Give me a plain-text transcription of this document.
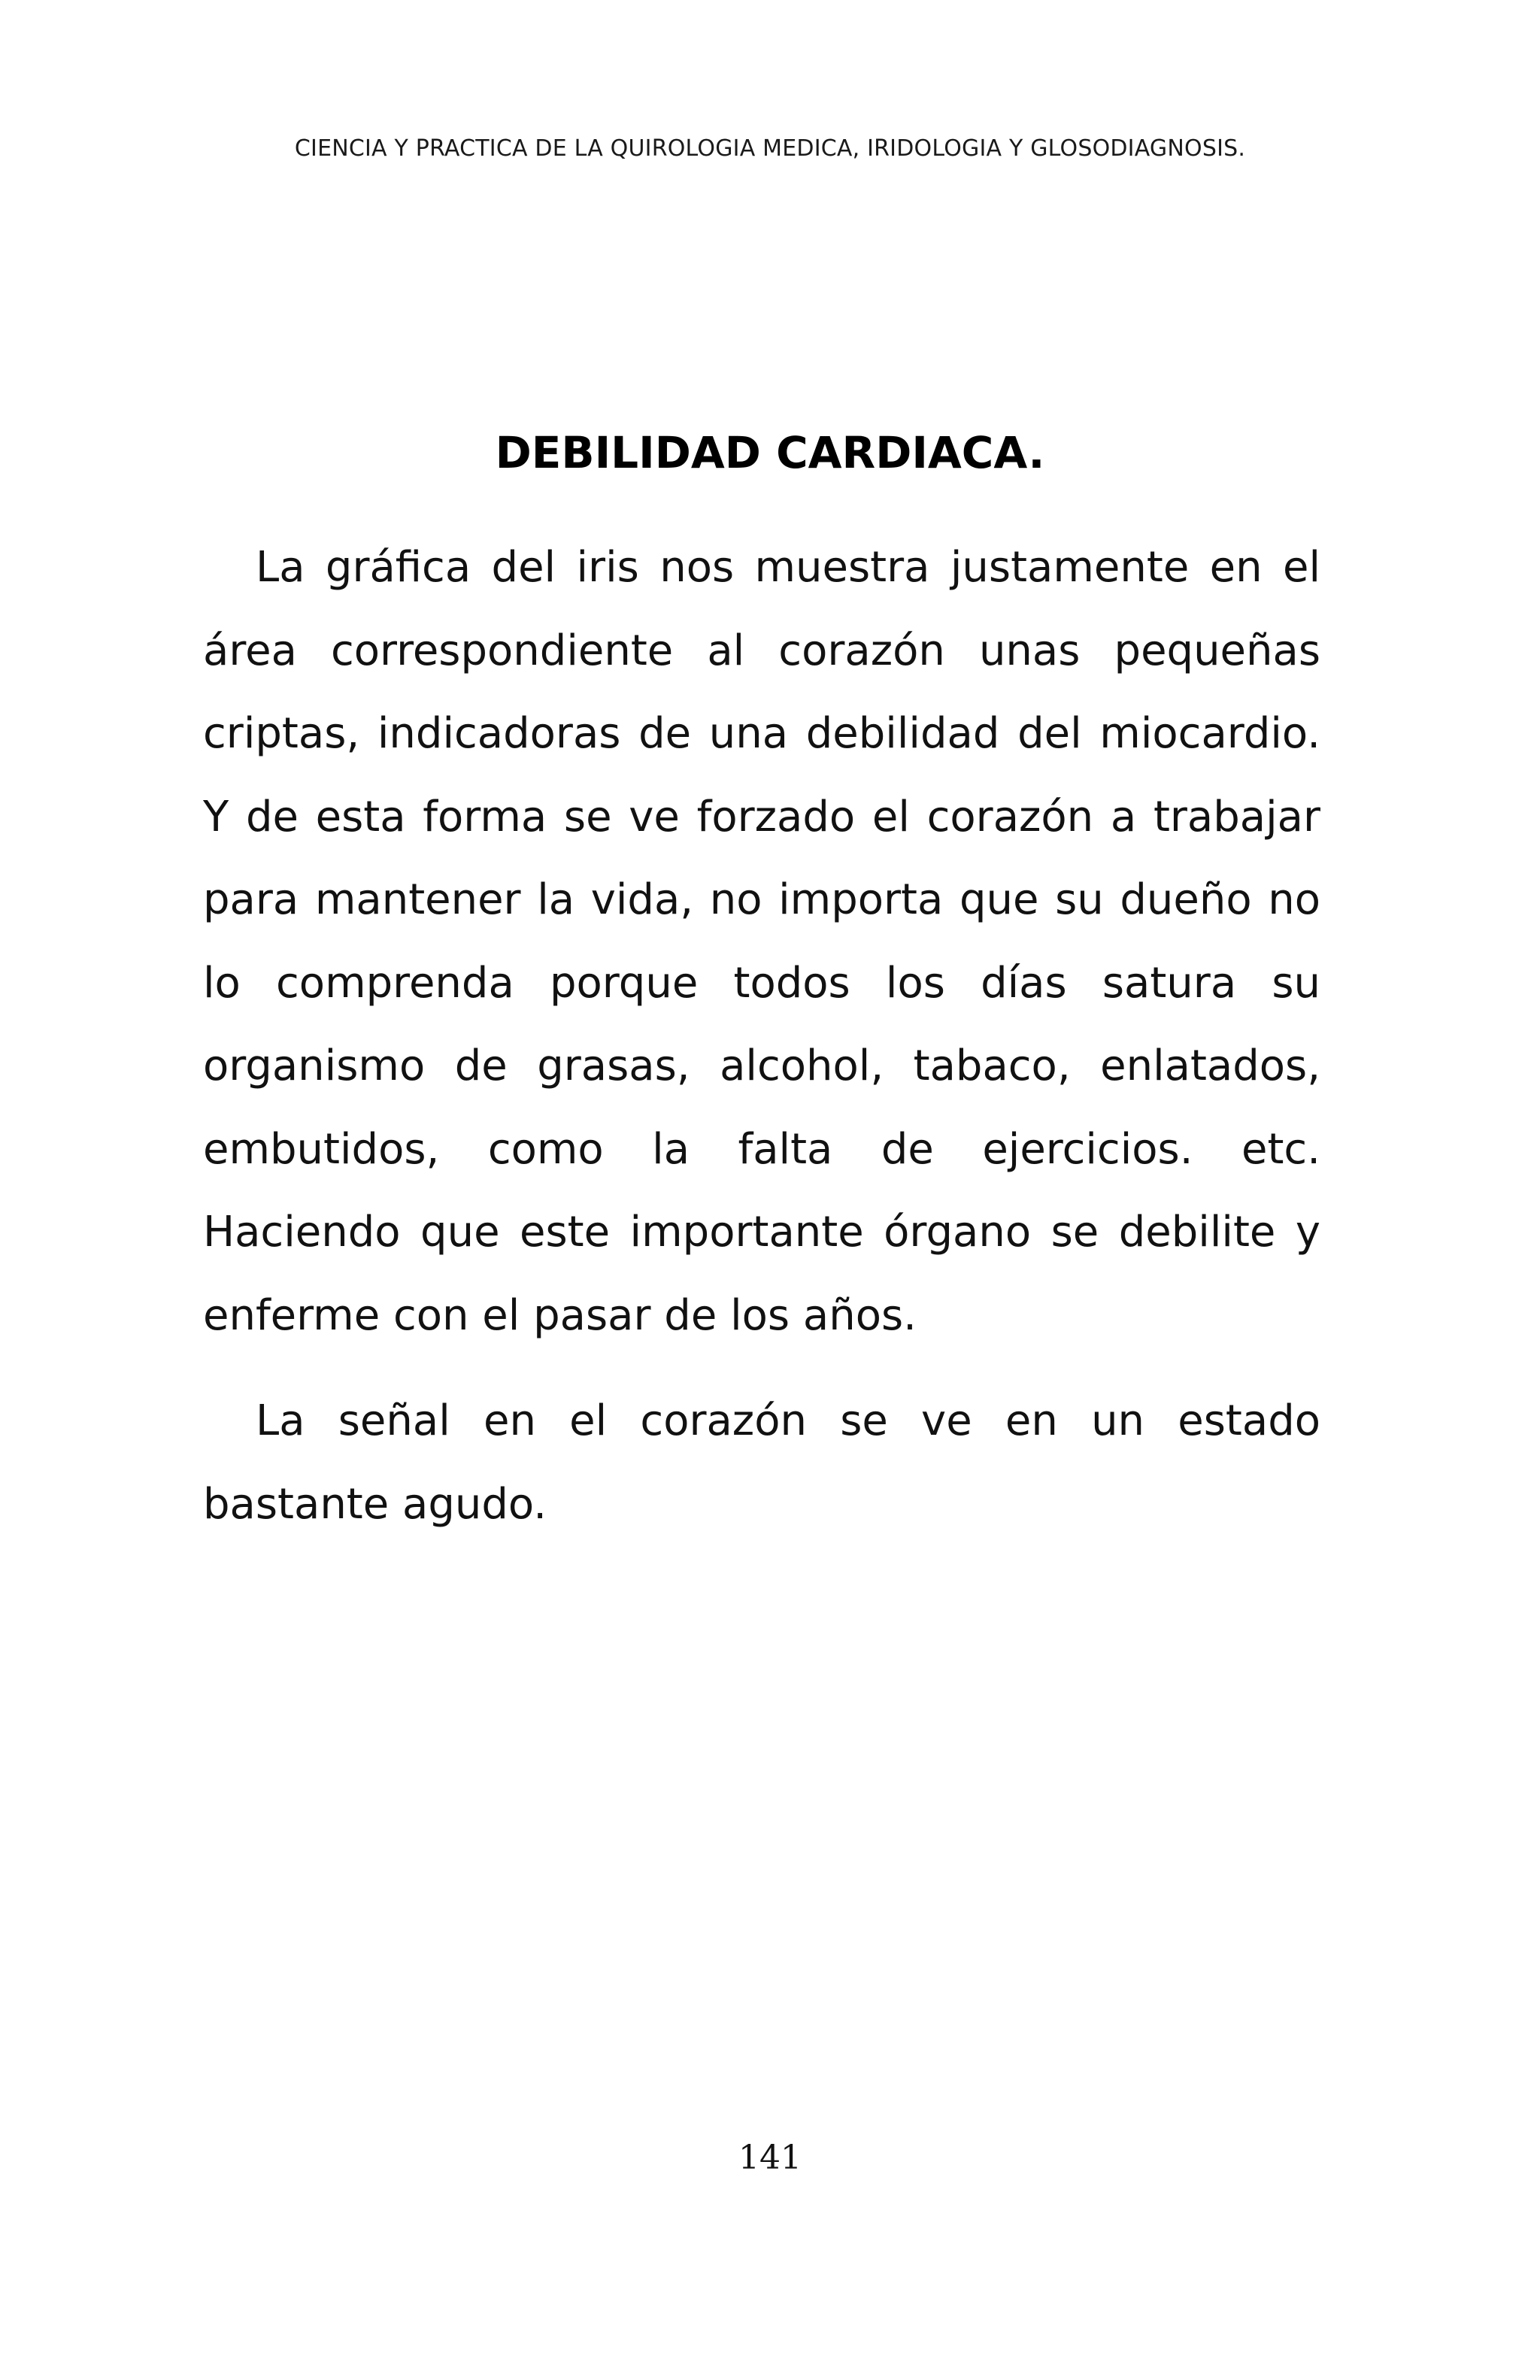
CIENCIA Y PRACTICA DE LA QUIROLOGIA MEDICA, IRIDOLOGIA Y GLOSODIAGNOSIS.
DEBILIDAD CARDIACA.

La gráfica del iris nos muestra justamente en el área correspondiente al corazón unas pequeñas criptas, indicadoras de una debilidad del miocardio. Y de esta forma se ve forzado el corazón a trabajar para mantener la vida, no importa que su dueño no lo comprenda porque todos los días satura su organismo de grasas, alcohol, tabaco, enlatados, embutidos, como la falta de ejercicios. etc. Haciendo que este importante órgano se debilite y enferme con el pasar de los años.

La señal en el corazón se ve en un estado bastante agudo.

141
